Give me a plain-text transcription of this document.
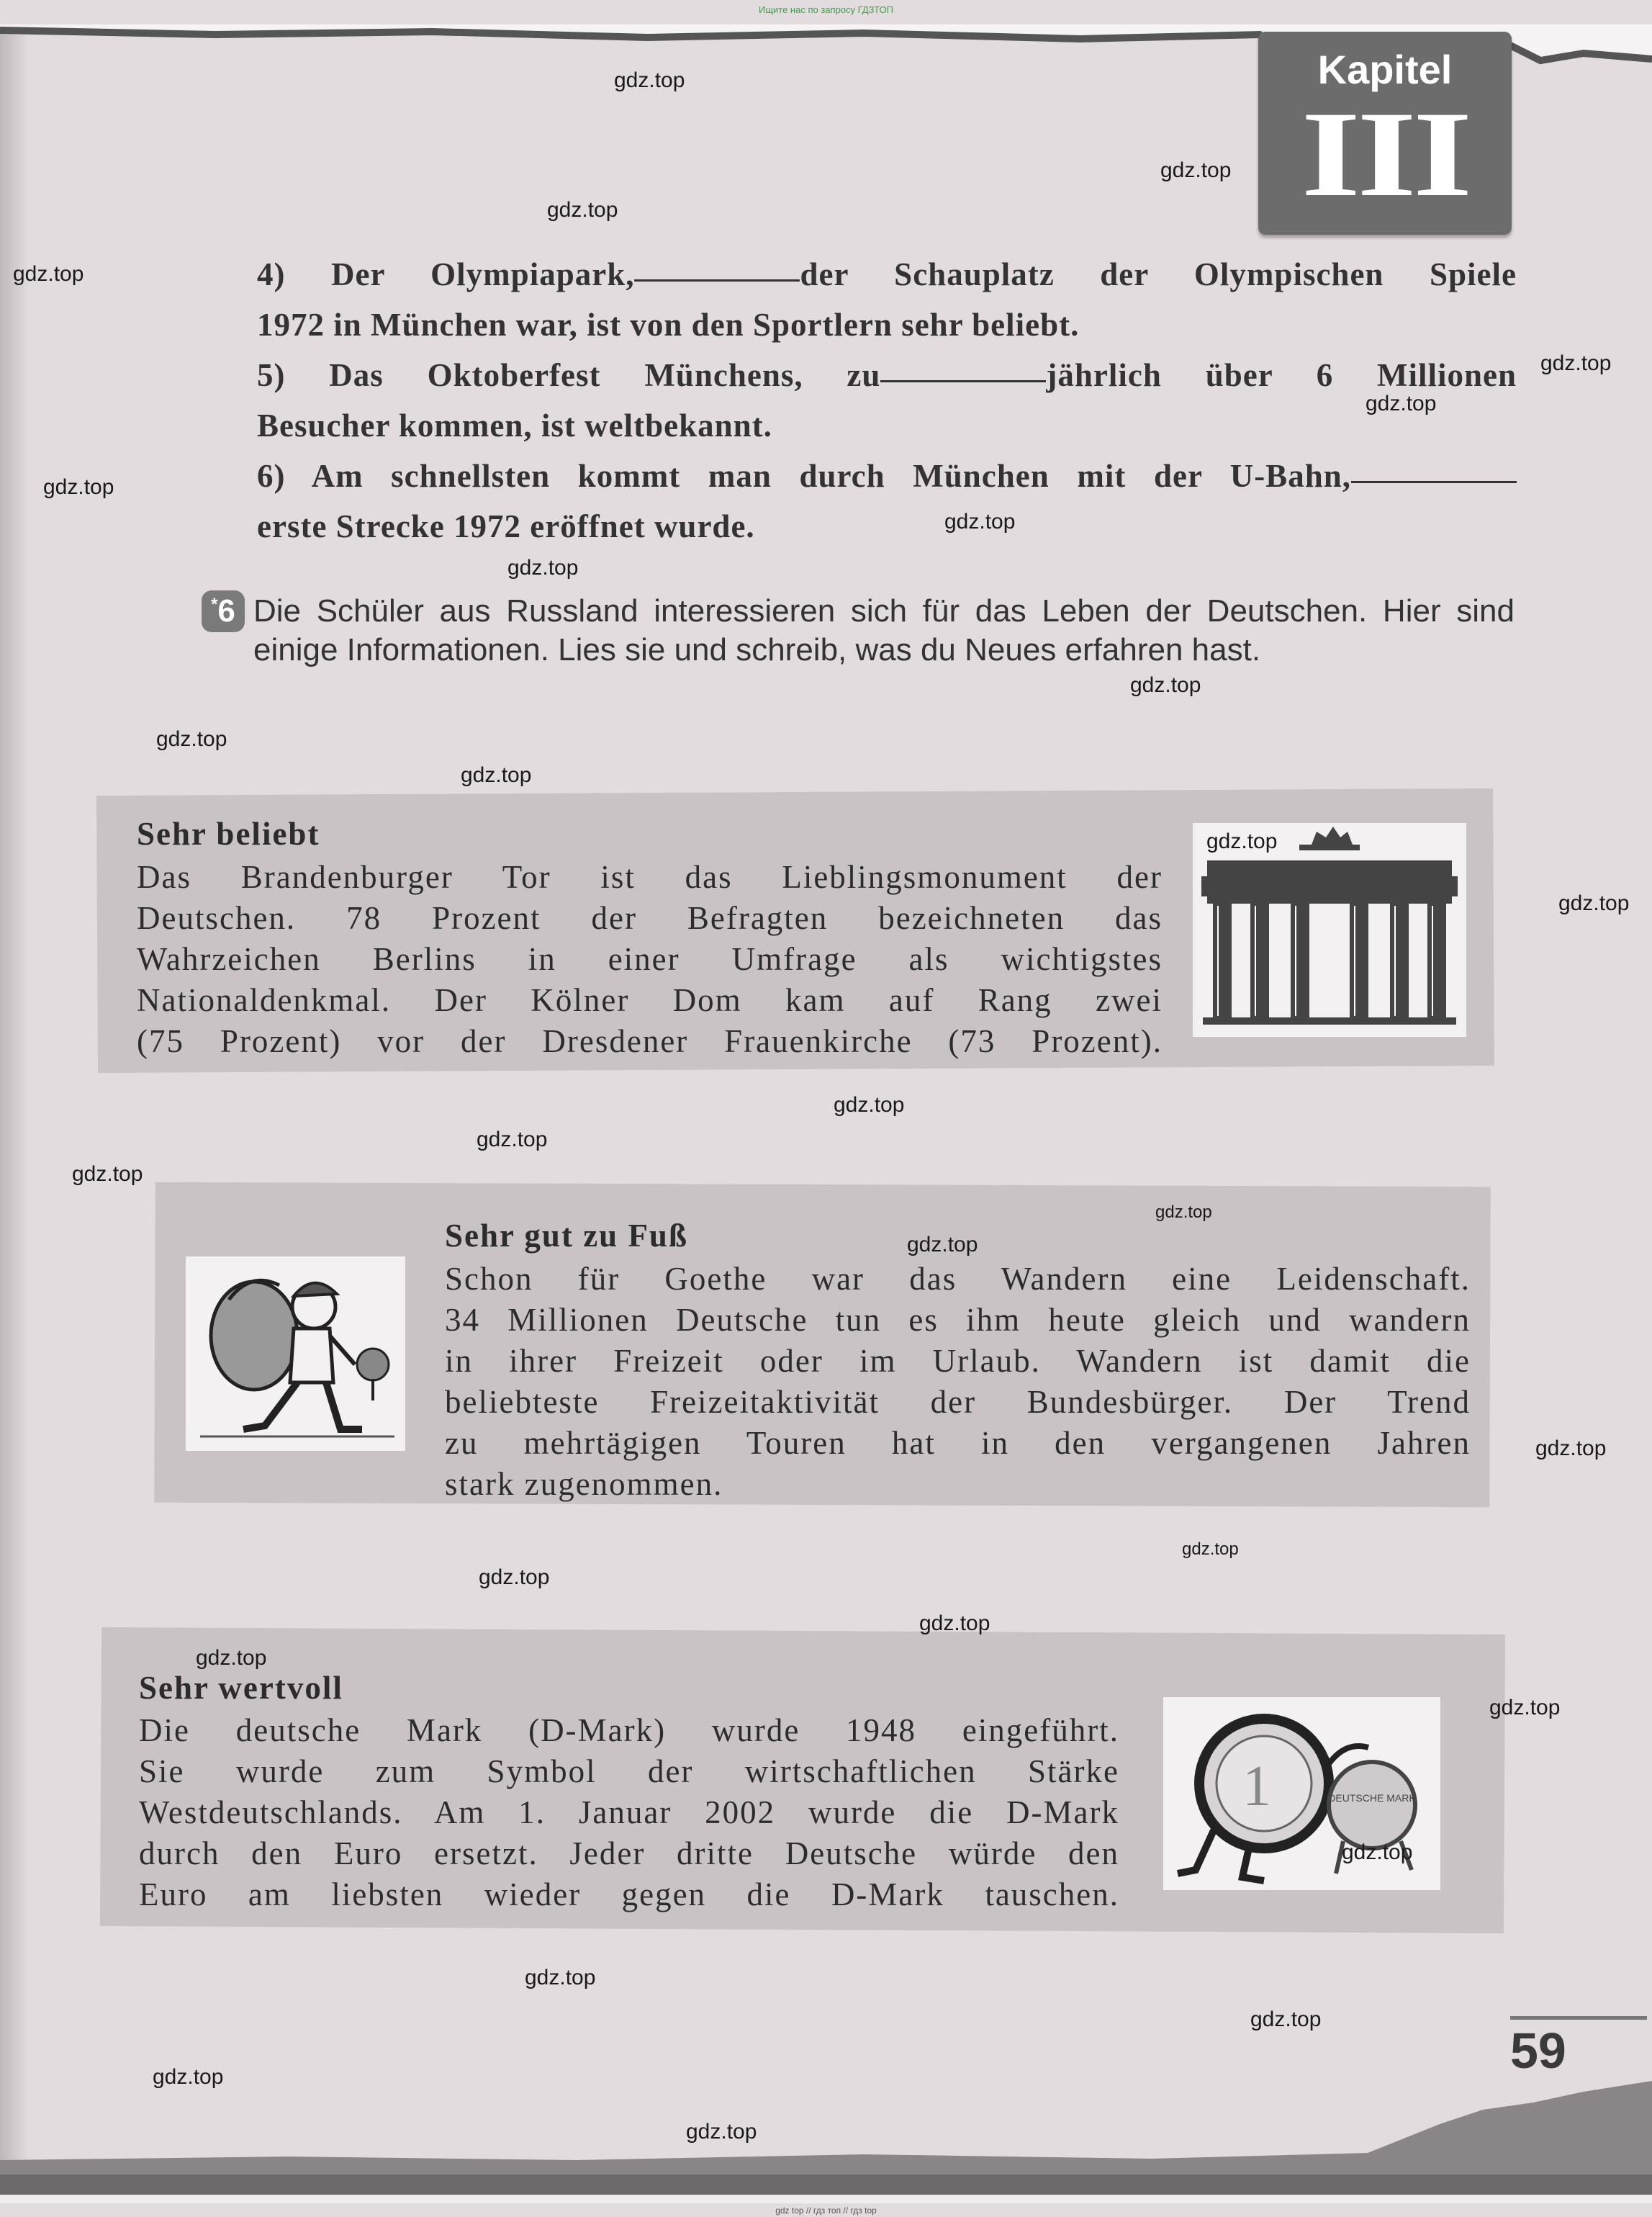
Ищите нас по запросу ГДЗТОП
Kapitel
III
4) Der Olympiapark,	der Schauplatz der Olympischen Spiele
1972 in München war, ist von den Sportlern sehr beliebt.
5) Das Oktoberfest Münchens, zu	jährlich über 6 Millionen
Besucher kommen, ist weltbekannt.
6) Am schnellsten kommt man durch München mit der U-Bahn,
erste Strecke 1972 eröffnet wurde.
*6 Die Schüler aus Russland interessieren sich für das Leben der Deutschen. Hier sind einige Informationen. Lies sie und schreib, was du Neues erfahren hast.
Sehr beliebt
Das Brandenburger Tor ist das Lieblingsmonument der
Deutschen. 78 Prozent der Befragten bezeichneten das
Wahrzeichen Berlins in einer Umfrage als wichtigstes
Nationaldenkmal. Der Kölner Dom kam auf Rang zwei
(75 Prozent) vor der Dresdener Frauenkirche (73 Prozent).
Sehr gut zu Fuß
Schon für Goethe war das Wandern eine Leidenschaft.
34 Millionen Deutsche tun es ihm heute gleich und wandern
in ihrer Freizeit oder im Urlaub. Wandern ist damit die
beliebteste Freizeitaktivität der Bundesbürger. Der Trend
zu mehrtägigen Touren hat in den vergangenen Jahren
stark zugenommen.
Sehr wertvoll
Die deutsche Mark (D-Mark) wurde 1948 eingeführt.
Sie wurde zum Symbol der wirtschaftlichen Stärke
Westdeutschlands. Am 1. Januar 2002 wurde die D-Mark
durch den Euro ersetzt. Jeder dritte Deutsche würde den
Euro am liebsten wieder gegen die D-Mark tauschen.
1	DEUTSCHE MARK
59
gdz top // гдз топ // гдз top
gdz.top
gdz.top
gdz.top
gdz.top
gdz.top
gdz.top
gdz.top
gdz.top
gdz.top
gdz.top
gdz.top
gdz.top
gdz.top
gdz.top
gdz.top
gdz.top
gdz.top
gdz.top
gdz.top
gdz.top
gdz.top
gdz.top
gdz.top
gdz.top
gdz.top
gdz.top
gdz.top
gdz.top
gdz.top
gdz.top
